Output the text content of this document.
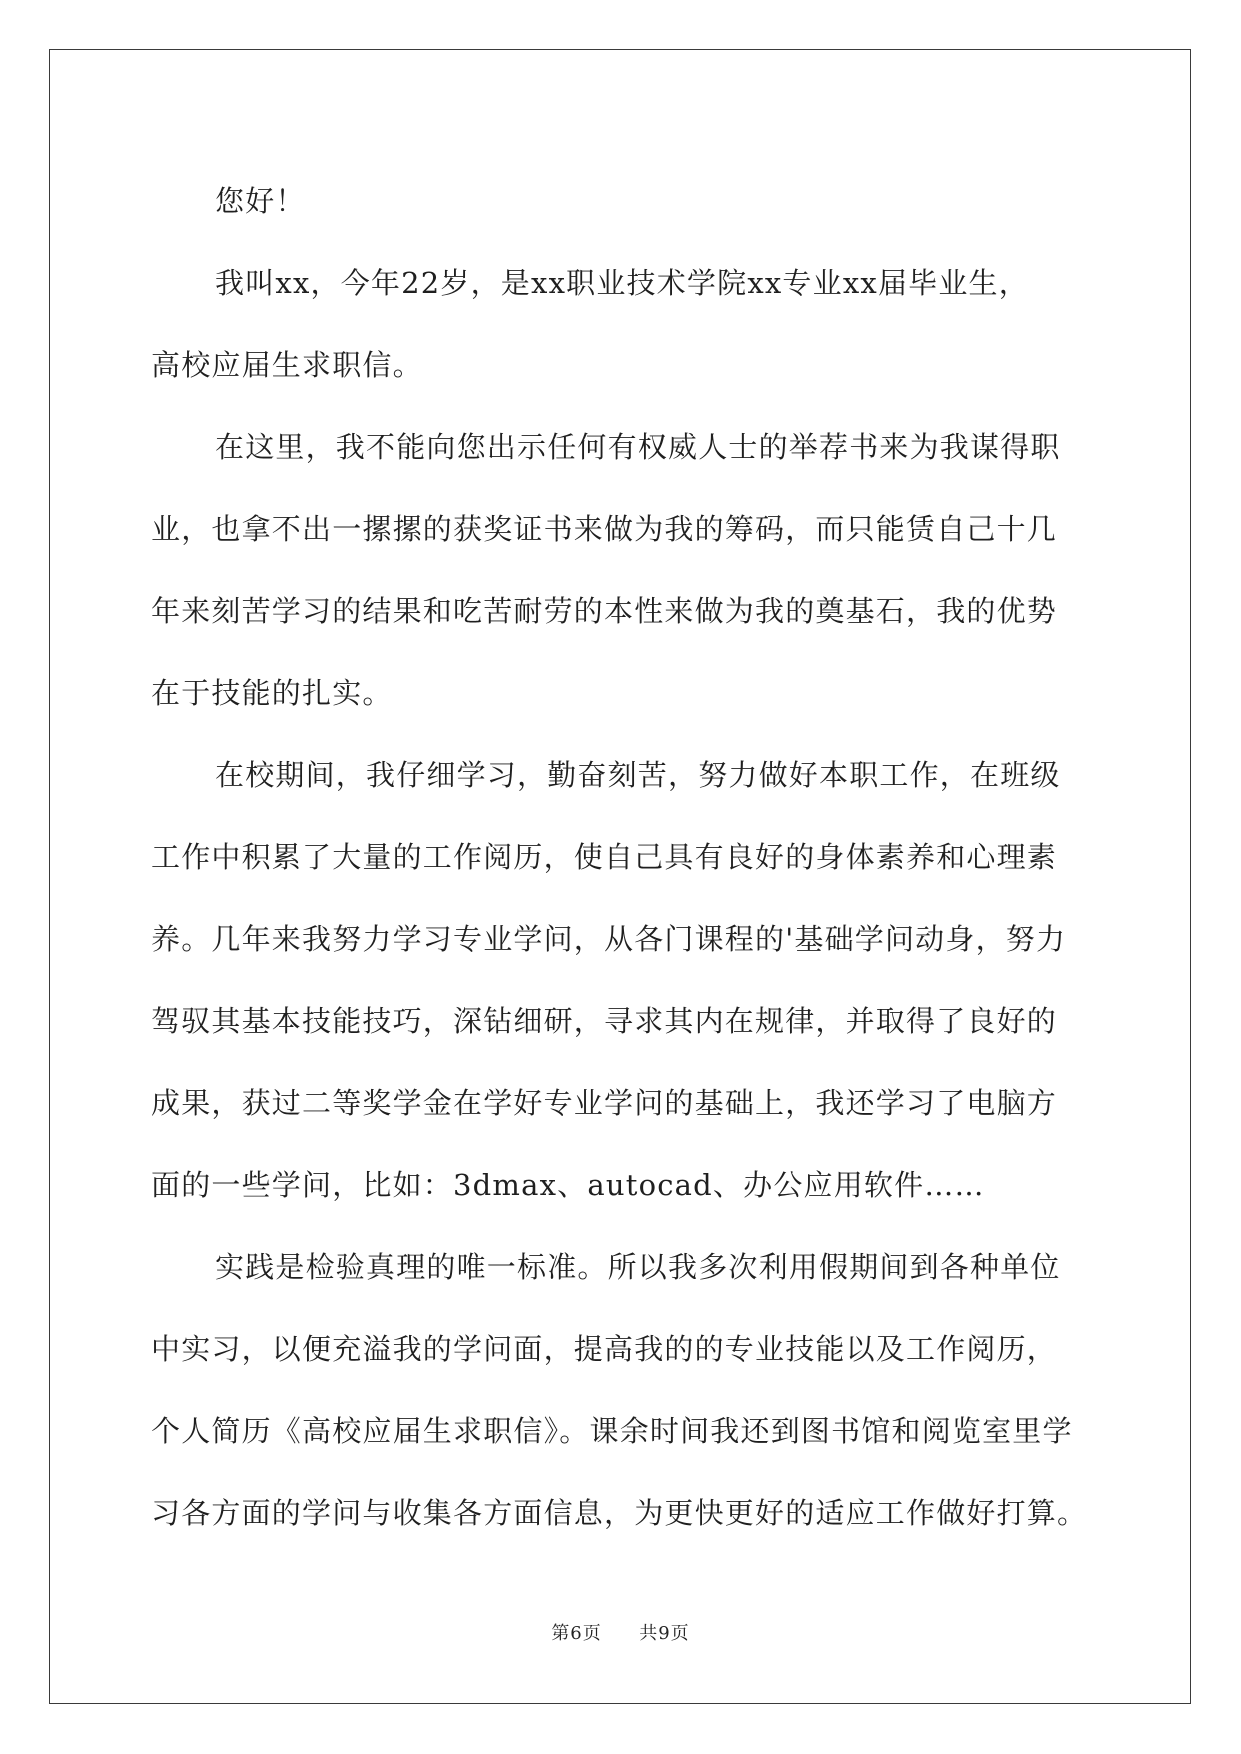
您好！

我叫xx，今年22岁，是xx职业技术学院xx专业xx届毕业生，
高校应届生求职信。

在这里，我不能向您出示任何有权威人士的举荐书来为我谋得职
业，也拿不出一摞摞的获奖证书来做为我的筹码，而只能赁自己十几
年来刻苦学习的结果和吃苦耐劳的本性来做为我的奠基石，我的优势
在于技能的扎实。

在校期间，我仔细学习，勤奋刻苦，努力做好本职工作，在班级
工作中积累了大量的工作阅历，使自己具有良好的身体素养和心理素
养。几年来我努力学习专业学问，从各门课程的'基础学问动身，努力
驾驭其基本技能技巧，深钻细研，寻求其内在规律，并取得了良好的
成果，获过二等奖学金在学好专业学问的基础上，我还学习了电脑方
面的一些学问，比如：3dmax、autocad、办公应用软件……

实践是检验真理的唯一标准。所以我多次利用假期间到各种单位
中实习，以便充溢我的学问面，提高我的的专业技能以及工作阅历，
个人简历《高校应届生求职信》。课余时间我还到图书馆和阅览室里学
习各方面的学问与收集各方面信息，为更快更好的适应工作做好打算。

第6页 共9页
